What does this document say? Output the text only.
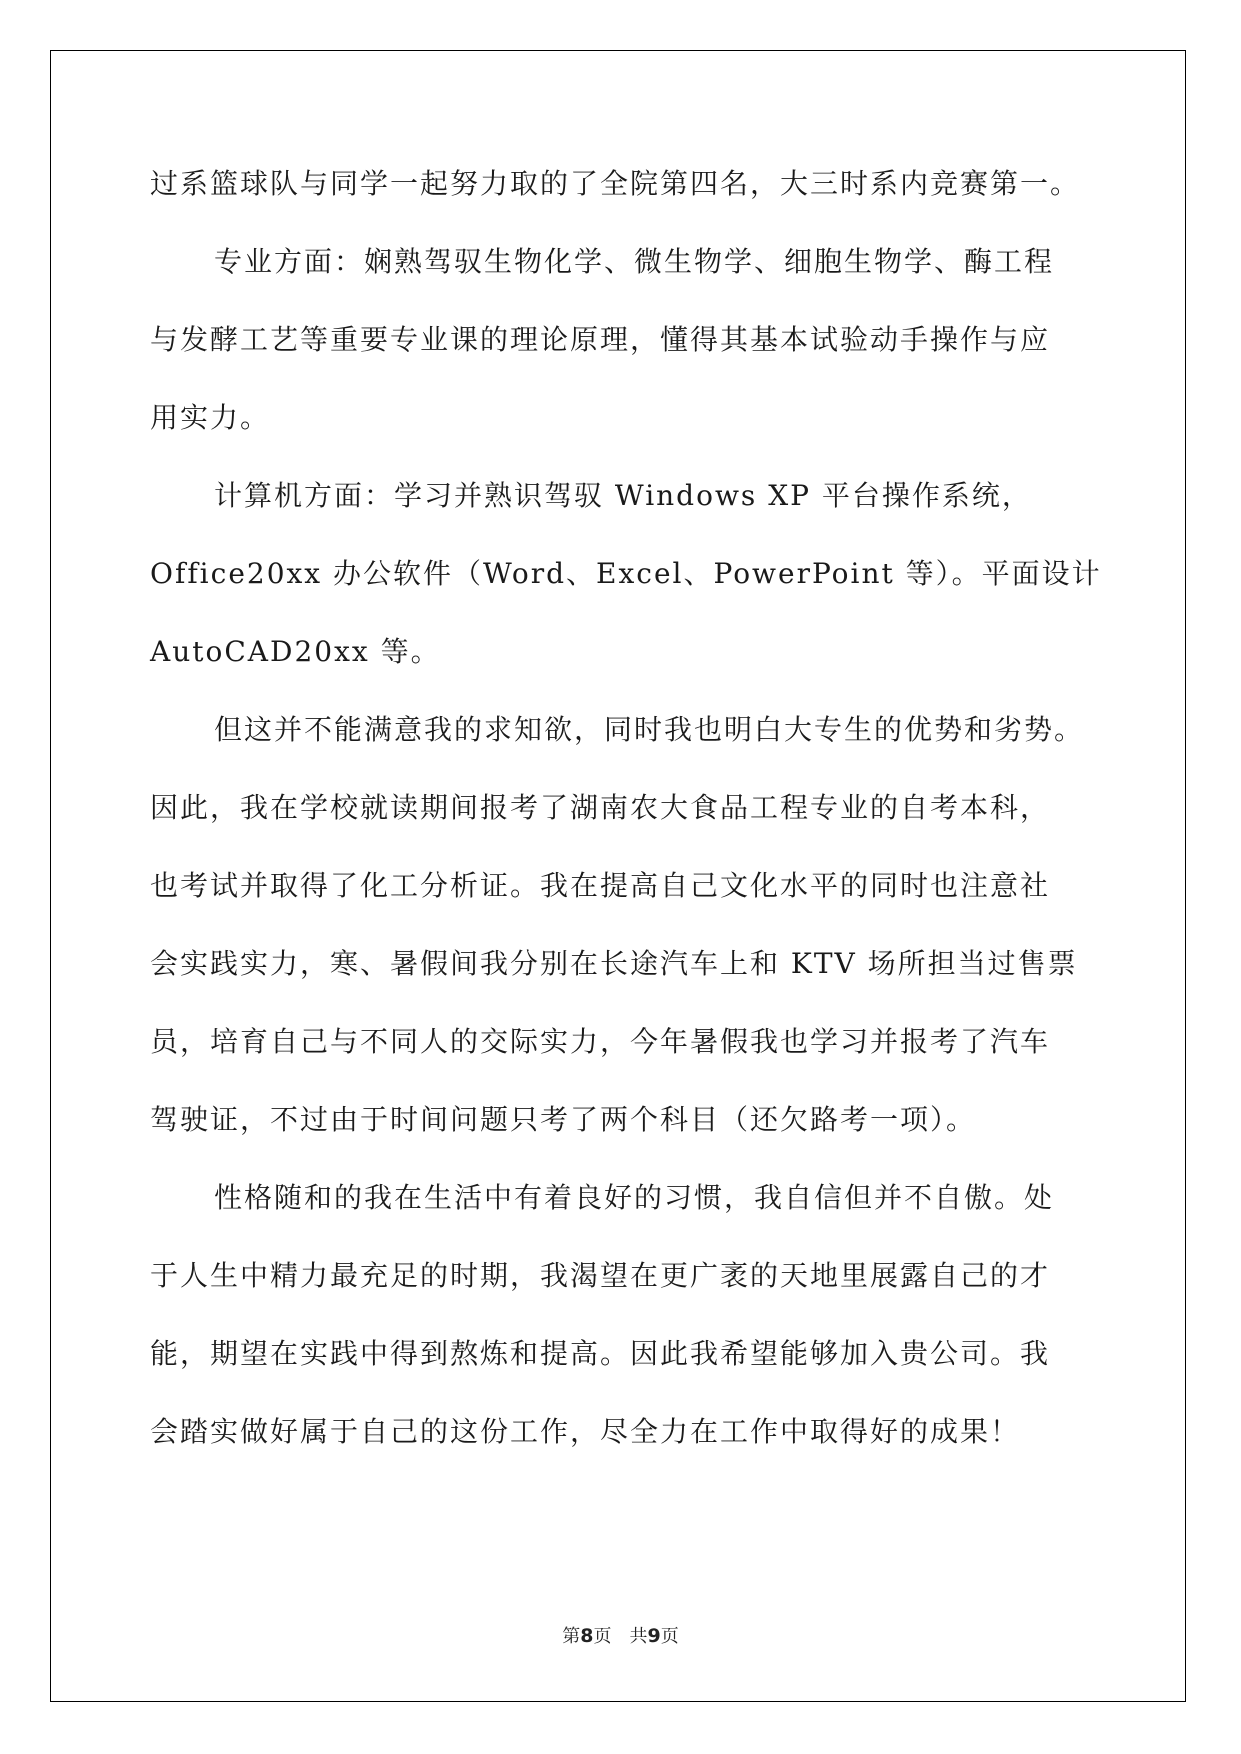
过系篮球队与同学一起努力取的了全院第四名，大三时系内竞赛第一。

专业方面：娴熟驾驭生物化学、微生物学、细胞生物学、酶工程
与发酵工艺等重要专业课的理论原理，懂得其基本试验动手操作与应
用实力。

计算机方面：学习并熟识驾驭 Windows XP 平台操作系统，
Office20xx 办公软件（Word、Excel、PowerPoint 等）。平面设计
AutoCAD20xx 等。

但这并不能满意我的求知欲，同时我也明白大专生的优势和劣势。
因此，我在学校就读期间报考了湖南农大食品工程专业的自考本科，
也考试并取得了化工分析证。我在提高自己文化水平的同时也注意社
会实践实力，寒、暑假间我分别在长途汽车上和 KTV 场所担当过售票
员，培育自己与不同人的交际实力，今年暑假我也学习并报考了汽车
驾驶证，不过由于时间问题只考了两个科目（还欠路考一项）。

性格随和的我在生活中有着良好的习惯，我自信但并不自傲。处
于人生中精力最充足的时期，我渴望在更广袤的天地里展露自己的才
能，期望在实践中得到熬炼和提高。因此我希望能够加入贵公司。我
会踏实做好属于自己的这份工作，尽全力在工作中取得好的成果！

第8页　共9页
